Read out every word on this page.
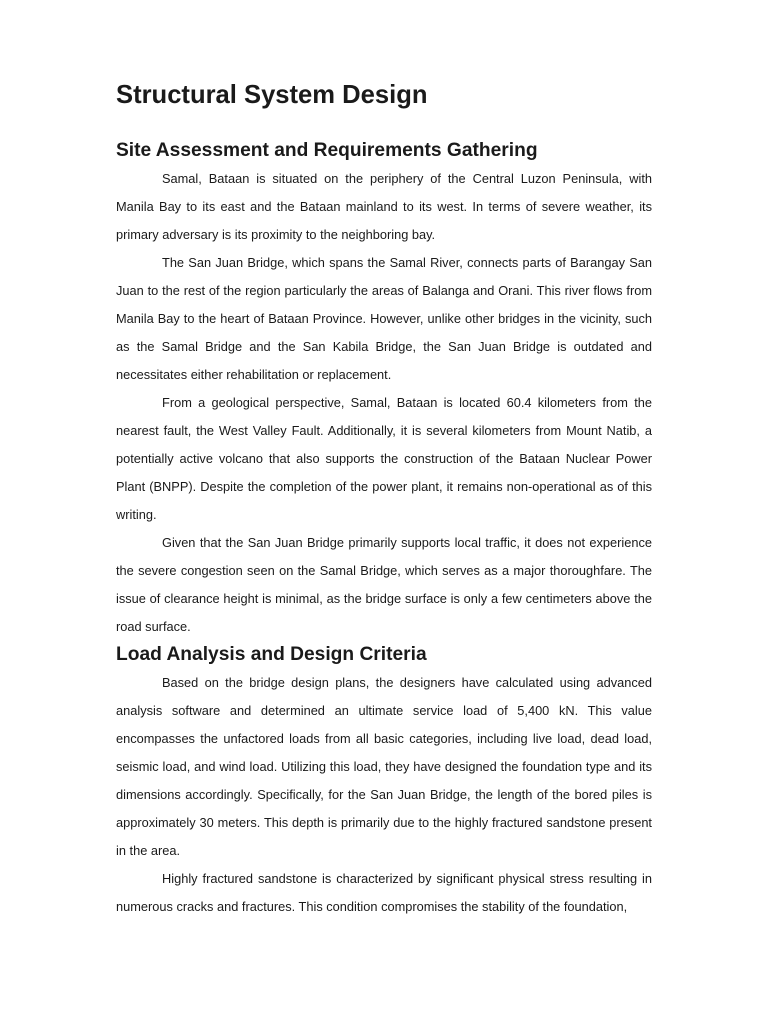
Structural System Design
Site Assessment and Requirements Gathering

Samal, Bataan is situated on the periphery of the Central Luzon Peninsula, with Manila Bay to its east and the Bataan mainland to its west. In terms of severe weather, its primary adversary is its proximity to the neighboring bay.

The San Juan Bridge, which spans the Samal River, connects parts of Barangay San Juan to the rest of the region particularly the areas of Balanga and Orani. This river flows from Manila Bay to the heart of Bataan Province. However, unlike other bridges in the vicinity, such as the Samal Bridge and the San Kabila Bridge, the San Juan Bridge is outdated and necessitates either rehabilitation or replacement.

From a geological perspective, Samal, Bataan is located 60.4 kilometers from the nearest fault, the West Valley Fault. Additionally, it is several kilometers from Mount Natib, a potentially active volcano that also supports the construction of the Bataan Nuclear Power Plant (BNPP). Despite the completion of the power plant, it remains non-operational as of this writing.

Given that the San Juan Bridge primarily supports local traffic, it does not experience the severe congestion seen on the Samal Bridge, which serves as a major thoroughfare. The issue of clearance height is minimal, as the bridge surface is only a few centimeters above the road surface.

Load Analysis and Design Criteria

Based on the bridge design plans, the designers have calculated using advanced analysis software and determined an ultimate service load of 5,400 kN. This value encompasses the unfactored loads from all basic categories, including live load, dead load, seismic load, and wind load. Utilizing this load, they have designed the foundation type and its dimensions accordingly. Specifically, for the San Juan Bridge, the length of the bored piles is approximately 30 meters. This depth is primarily due to the highly fractured sandstone present in the area.

Highly fractured sandstone is characterized by significant physical stress resulting in numerous cracks and fractures. This condition compromises the stability of the foundation,
